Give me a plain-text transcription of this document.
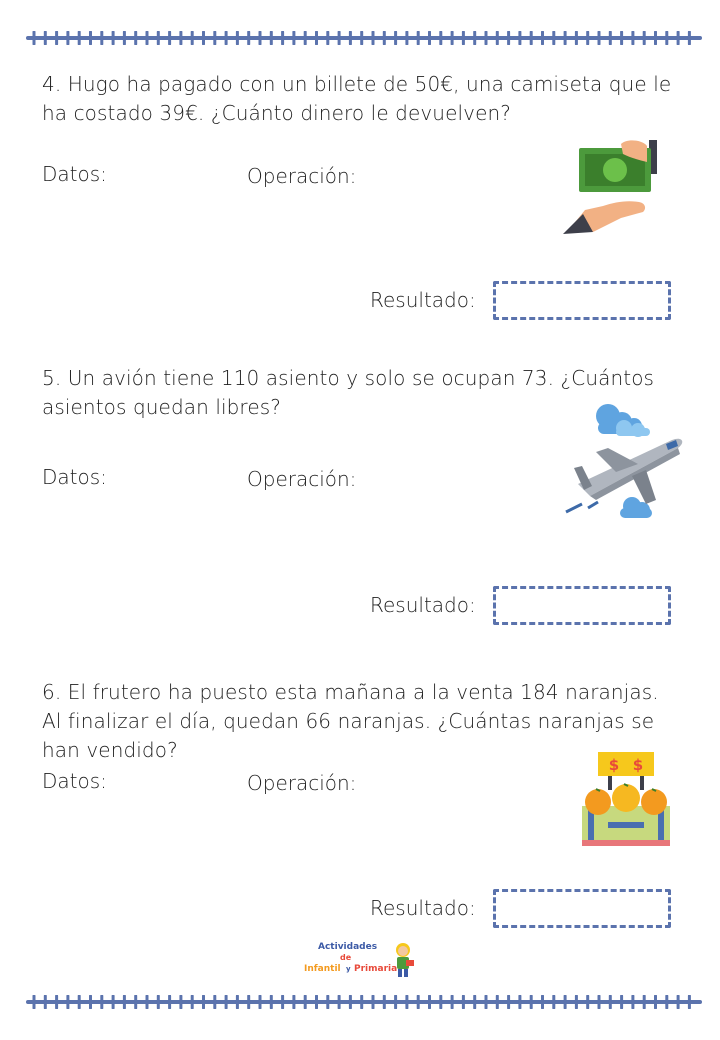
4. Hugo ha pagado con un billete de 50€, una camiseta que le ha costado 39€. ¿Cuánto dinero le devuelven?

Datos:	Operación:
Resultado:

5. Un avión tiene 110 asiento y solo se ocupan 73. ¿Cuántos asientos quedan libres?

Datos:	Operación:
Resultado:

6. El frutero ha puesto esta mañana a la venta 184 naranjas. Al finalizar el día, quedan 66 naranjas. ¿Cuántas naranjas se han vendido?

Datos:	Operación:
Resultado:
$ $
Actividades
de
Infantil y Primaria
